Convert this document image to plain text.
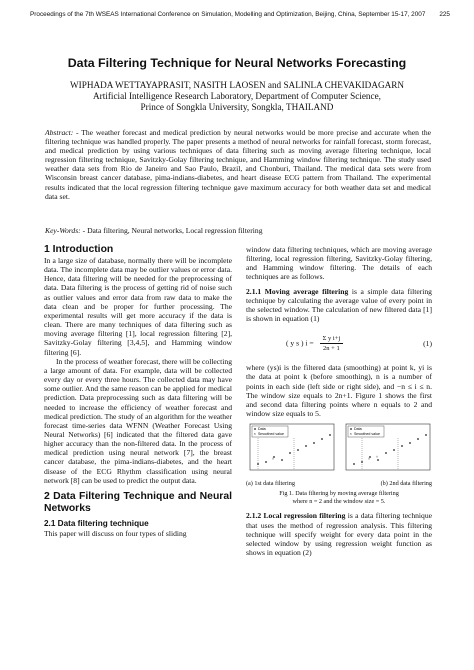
Proceedings of the 7th WSEAS International Conference on Simulation, Modelling and Optimization, Beijing, China, September 15-17, 2007 225
Data Filtering Technique for Neural Networks Forecasting
WIPHADA WETTAYAPRASIT, NASITH LAOSEN and SALINLA CHEVAKIDAGARN
Artificial Intelligence Research Laboratory, Department of Computer Science,
Prince of Songkla University, Songkla, THAILAND
Abstract: - The weather forecast and medical prediction by neural networks would be more precise and accurate when the filtering technique was handled properly. The paper presents a method of neural networks for rainfall forecast, storm forecast, and medical prediction by using various techniques of data filtering such as moving average filtering technique, local regression filtering technique, Savitzky-Golay filtering technique, and Hamming window filtering technique. The study used weather data sets from Rio de Janeiro and Sao Paulo, Brazil, and Chonburi, Thailand. The medical data sets were from Wisconsin breast cancer database, pima-indians-diabetes, and heart disease ECG pattern from Thailand. The experimental results indicated that the local regression filtering technique gave maximum accuracy for both weather data set and medical data set.
Key-Words: - Data filtering, Neural networks, Local regression filtering
1 Introduction

In a large size of database, normally there will be incomplete data. The incomplete data may be outlier values or error data. Hence, data filtering will be needed for the preprocessing of data. Data filtering is the process of getting rid of noise such as outlier values and error data from raw data to make the data clean and be proper for further processing. The experimental results will get more accuracy if the data is clean. There are many techniques of data filtering such as moving average filtering [1], local regression filtering [2], Savitzky-Golay filtering [3,4,5], and Hamming window filtering [6].

In the process of weather forecast, there will be collecting a large amount of data. For example, data will be collected every day or every three hours. The collected data may have some outlier. And the same reason can be applied for medical prediction. Data preprocessing such as data filtering will be needed to increase the efficiency of weather forecast and medical prediction. The study of an algorithm for the weather forecast time-series data WFNN (Weather Forecast Using Neural Networks) [6] indicated that the filtered data gave higher accuracy than the non-filtered data. In the process of medical prediction using neural network [7], the breast cancer database, the pima-indians-diabetes, and the heart disease of the ECG Rhythm classification using neural network [8] can be used to predict the output data.

2 Data Filtering Technique and Neural Networks
2.1 Data filtering technique

This paper will discuss on four types of sliding

window data filtering techniques, which are moving average filtering, local regression filtering, Savitzky-Golay filtering, and Hamming window filtering. The details of each techniques are as follows.

2.1.1 Moving average filtering is a simple data filtering technique by calculating the average value of every point in the selected window. The calculation of new filtered data [1] is shown in equation (1)

( y s ) $i = \frac{\text{Σ y i+j}}{2n + 1}$	(1)

where (ys)i is the filtered data (smoothing) at point k, yi is the data at point k (before smoothing), n is a number of points in each side (left side or right side), and −n ≤ i ≤ n. The window size equals to 2n+1. Figure 1 shows the first and second data filtering points where n equals to 2 and window size equals to 5.

Data
× Smoothed value
×
Data
× Smoothed value
× ×
(a) 1st data filtering	(b) 2nd data filtering
Fig 1. Data filtering by moving average filtering
where n = 2 and the window size = 5.

2.1.2 Local regression filtering is a data filtering technique that uses the method of regression analysis. This filtering technique will specify weight for every data point in the selected window by using regression weight function as shows in equation (2)
